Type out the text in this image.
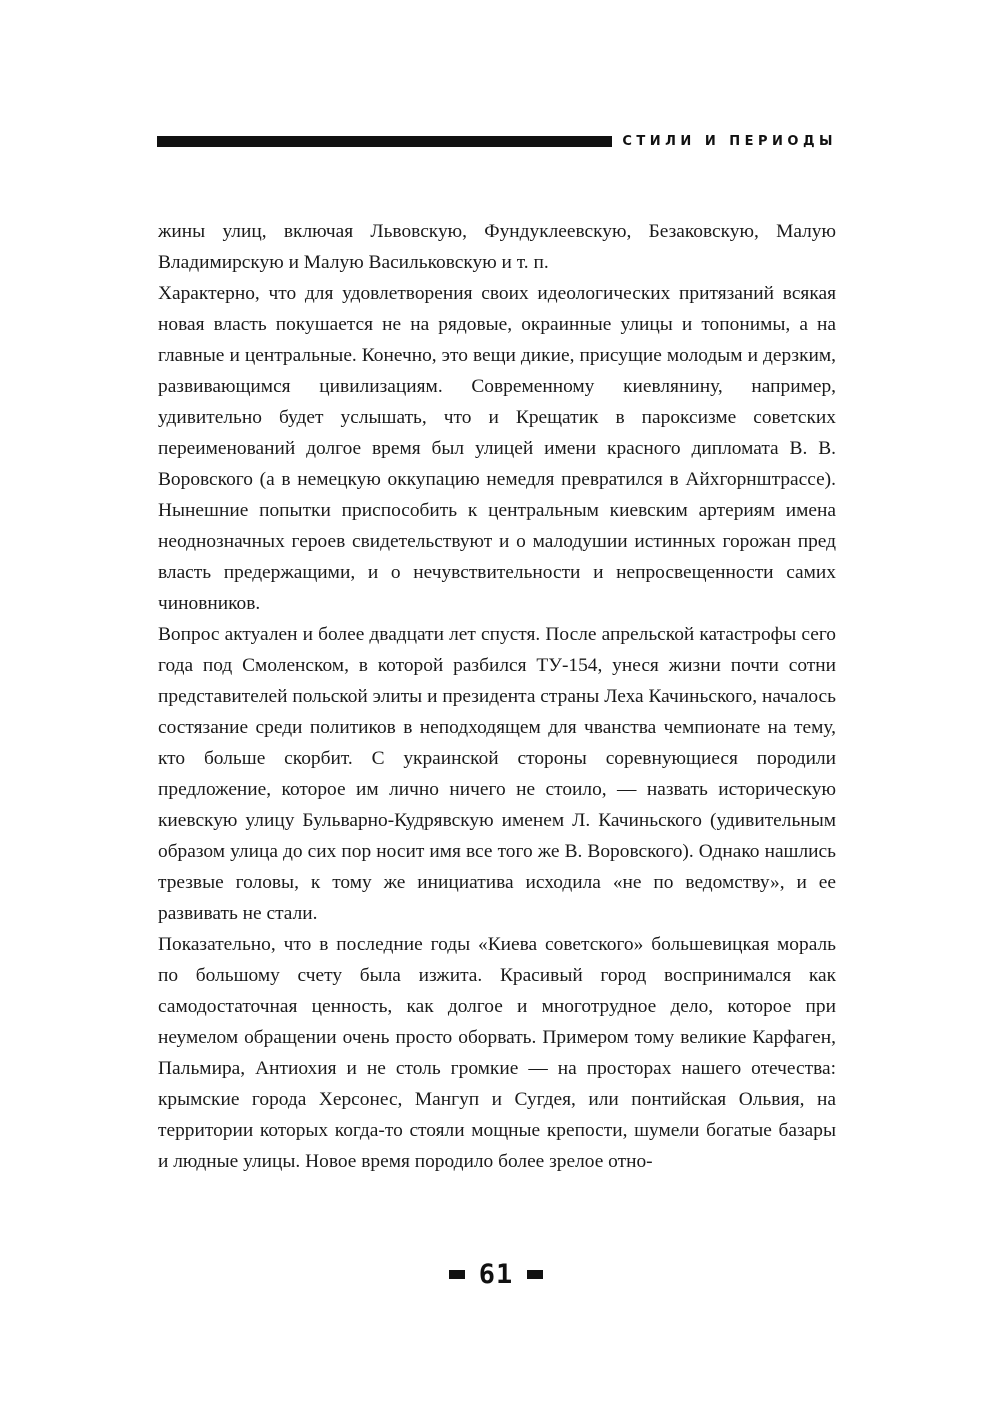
СТИЛИ И ПЕРИОДЫ

жины улиц, включая Львовскую, Фундуклеевскую, Безаковскую, Малую Владимирскую и Малую Васильковскую и т. п.

Характерно, что для удовлетворения своих идеологических притязаний всякая новая власть покушается не на рядовые, окраинные улицы и топонимы, а на главные и центральные. Конечно, это вещи дикие, присущие молодым и дерзким, развивающимся цивилизациям. Современному киевлянину, например, удивительно будет услышать, что и Крещатик в пароксизме советских переименований долгое время был улицей имени красного дипломата В. В. Воровского (а в немецкую оккупацию немедля превратился в Айхгорнштрассе). Нынешние попытки приспособить к центральным киевским артериям имена неоднозначных героев свидетельствуют и о малодушии истинных горожан пред власть предержащими, и о нечувствительности и непросвещенности самих чиновников.

Вопрос актуален и более двадцати лет спустя. После апрельской катастрофы сего года под Смоленском, в которой разбился ТУ-154, унеся жизни почти сотни представителей польской элиты и президента страны Леха Качиньского, началось состязание среди политиков в неподходящем для чванства чемпионате на тему, кто больше скорбит. С украинской стороны соревнующиеся породили предложение, которое им лично ничего не стоило, — назвать историческую киевскую улицу Бульварно-Кудрявскую именем Л. Качиньского (удивительным образом улица до сих пор носит имя все того же В. Воровского). Однако нашлись трезвые головы, к тому же инициатива исходила «не по ведомству», и ее развивать не стали.

Показательно, что в последние годы «Киева советского» большевицкая мораль по большому счету была изжита. Красивый город воспринимался как самодостаточная ценность, как долгое и многотрудное дело, которое при неумелом обращении очень просто оборвать. Примером тому великие Карфаген, Пальмира, Антиохия и не столь громкие — на просторах нашего отечества: крымские города Херсонес, Мангуп и Сугдея, или понтийская Ольвия, на территории которых когда-то стояли мощные крепости, шумели богатые базары и людные улицы. Новое время породило более зрелое отно-

61
